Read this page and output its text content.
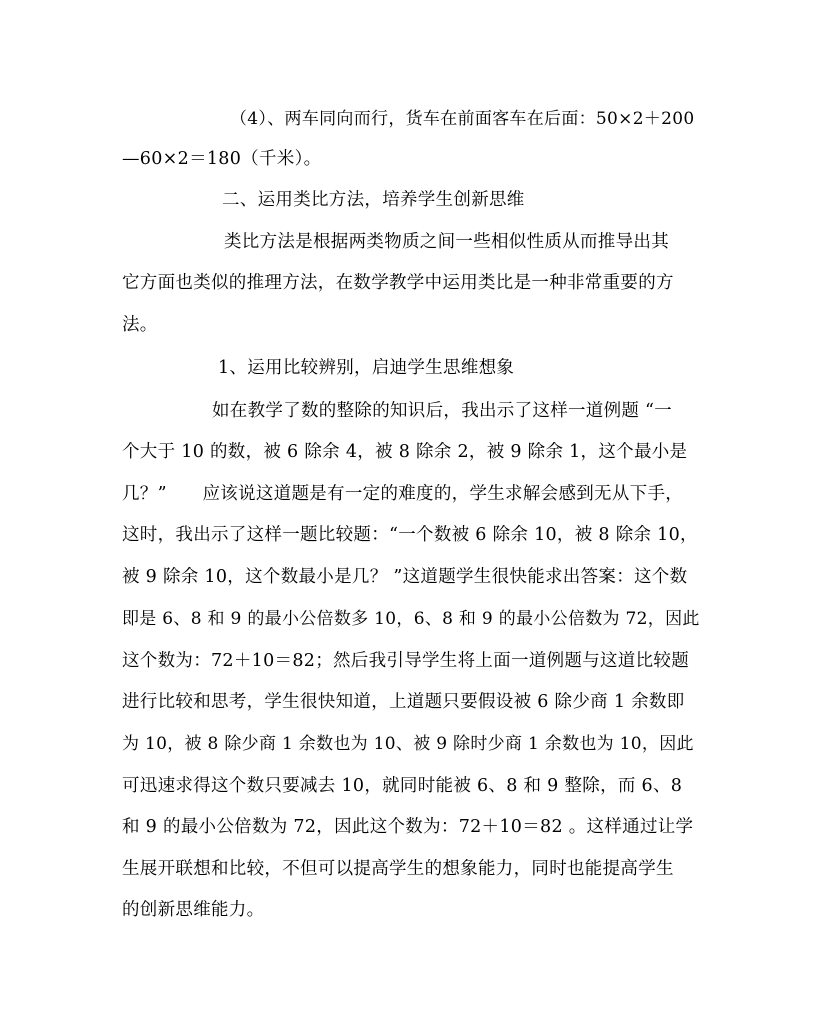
（4）、两车同向而行，货车在前面客车在后面：50×2＋200
—60×2＝180（千米）。
二、运用类比方法，培养学生创新思维
类比方法是根据两类物质之间一些相似性质从而推导出其
它方面也类似的推理方法，在数学教学中运用类比是一种非常重要的方
法。
1、运用比较辨别，启迪学生思维想象
如在教学了数的整除的知识后，我出示了这样一道例题 “一
个大于 10 的数，被 6 除余 4，被 8 除余 2，被 9 除余 1，这个最小是
几？”　　应该说这道题是有一定的难度的，学生求解会感到无从下手，
这时，我出示了这样一题比较题：“一个数被 6 除余 10，被 8 除余 10，
被 9 除余 10，这个数最小是几？ ”这道题学生很快能求出答案：这个数
即是 6、8 和 9 的最小公倍数多 10，6、8 和 9 的最小公倍数为 72，因此
这个数为：72＋10＝82；然后我引导学生将上面一道例题与这道比较题
进行比较和思考，学生很快知道，上道题只要假设被 6 除少商 1 余数即
为 10，被 8 除少商 1 余数也为 10、被 9 除时少商 1 余数也为 10，因此
可迅速求得这个数只要减去 10，就同时能被 6、8 和 9 整除，而 6、8
和 9 的最小公倍数为 72，因此这个数为：72＋10＝82 。这样通过让学
生展开联想和比较，不但可以提高学生的想象能力，同时也能提高学生
的创新思维能力。
